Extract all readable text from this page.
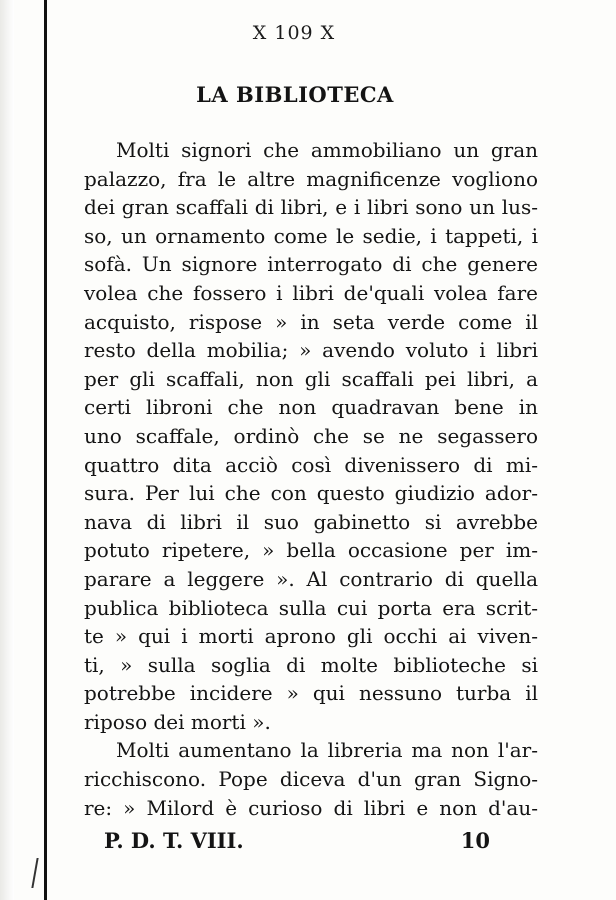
X 109 X
LA BIBLIOTECA
Molti signori che ammobiliano un gran
palazzo, fra le altre magnificenze vogliono
dei gran scaffali di libri, e i libri sono un lus-
so, un ornamento come le sedie, i tappeti, i
sofà. Un signore interrogato di che genere
volea che fossero i libri de'quali volea fare
acquisto, rispose » in seta verde come il
resto della mobilia; » avendo voluto i libri
per gli scaffali, non gli scaffali pei libri, a
certi libroni che non quadravan bene in
uno scaffale, ordinò che se ne segassero
quattro dita acciò così divenissero di mi-
sura. Per lui che con questo giudizio ador-
nava di libri il suo gabinetto si avrebbe
potuto ripetere, » bella occasione per im-
parare a leggere ». Al contrario di quella
publica biblioteca sulla cui porta era scrit-
te » qui i morti aprono gli occhi ai viven-
ti, » sulla soglia di molte biblioteche si
potrebbe incidere » qui nessuno turba il
riposo dei morti ».
Molti aumentano la libreria ma non l'ar-
ricchiscono. Pope diceva d'un gran Signo-
re: » Milord è curioso di libri e non d'au-
P. D. T. VIII.	10
